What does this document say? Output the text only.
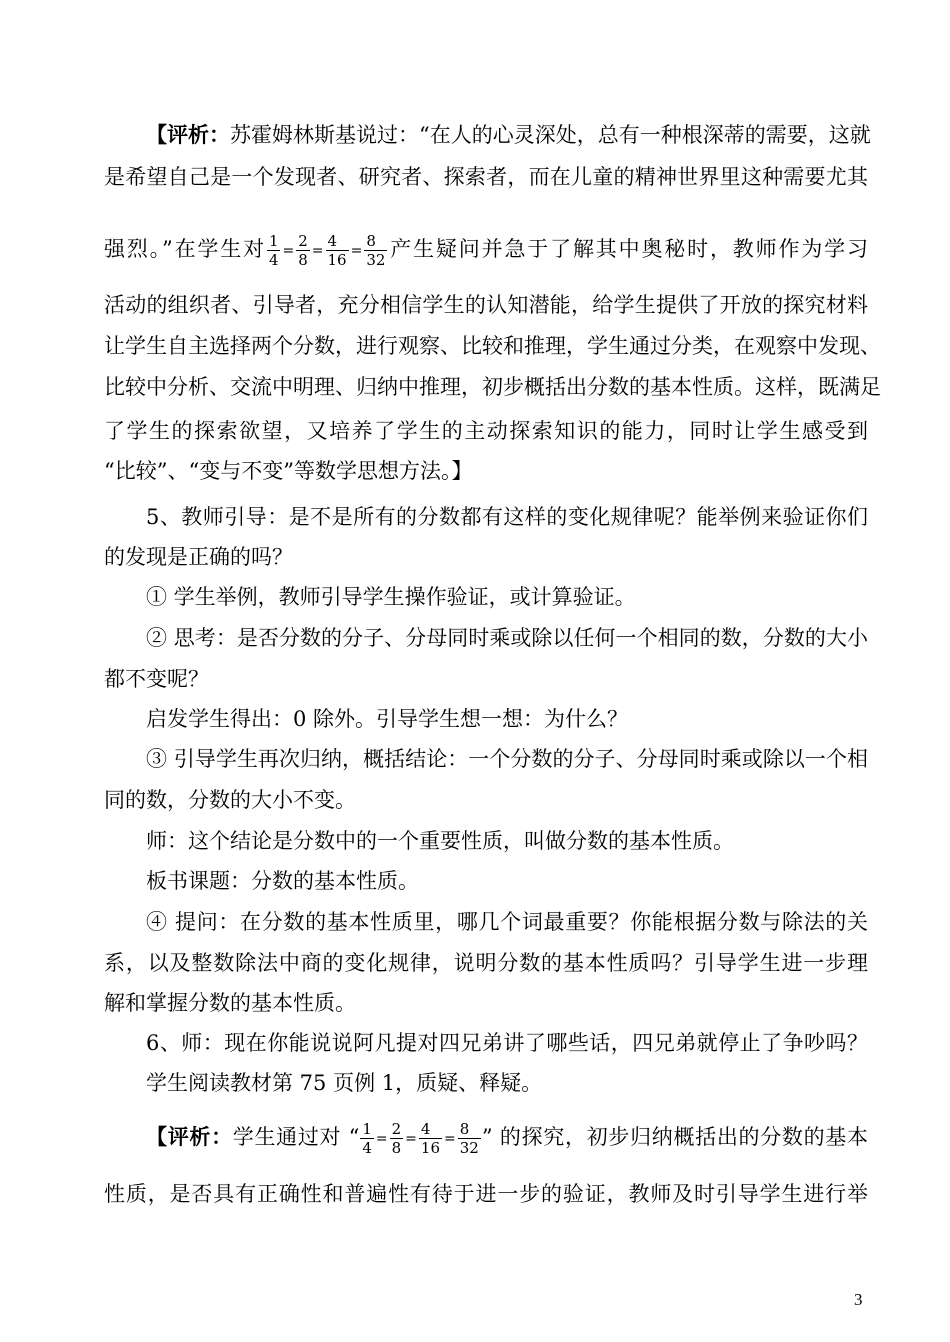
【评析：苏霍姆林斯基说过：“在人的心灵深处，总有一种根深蒂的需要，这就
是希望自己是一个发现者、研究者、探索者，而在儿童的精神世界里这种需要尤其
强烈。”在学生对 $\frac{1}{4} = \frac{2}{8} = \frac{4}{16} = \frac{8}{32}$ 产生疑问并急于了解其中奥秘时，教师作为学习
活动的组织者、引导者，充分相信学生的认知潜能，给学生提供了开放的探究材料
让学生自主选择两个分数，进行观察、比较和推理，学生通过分类，在观察中发现、
比较中分析、交流中明理、归纳中推理，初步概括出分数的基本性质。这样，既满足
了学生的探索欲望，又培养了学生的主动探索知识的能力，同时让学生感受到
“比较”、“变与不变”等数学思想方法。】
5、教师引导：是不是所有的分数都有这样的变化规律呢？能举例来验证你们
的发现是正确的吗？
① 学生举例，教师引导学生操作验证，或计算验证。
② 思考：是否分数的分子、分母同时乘或除以任何一个相同的数，分数的大小
都不变呢？
启发学生得出：0 除外。引导学生想一想：为什么？
③ 引导学生再次归纳，概括结论：一个分数的分子、分母同时乘或除以一个相
同的数，分数的大小不变。
师：这个结论是分数中的一个重要性质，叫做分数的基本性质。
板书课题：分数的基本性质。
④ 提问：在分数的基本性质里，哪几个词最重要？你能根据分数与除法的关
系，以及整数除法中商的变化规律，说明分数的基本性质吗？引导学生进一步理
解和掌握分数的基本性质。
6、师：现在你能说说阿凡提对四兄弟讲了哪些话，四兄弟就停止了争吵吗？
学生阅读教材第 75 页例 1，质疑、释疑。
【评析：学生通过对 “ $\frac{1}{4} = \frac{2}{8} = \frac{4}{16} = \frac{8}{32}$ ” 的探究，初步归纳概括出的分数的基本
性质，是否具有正确性和普遍性有待于进一步的验证，教师及时引导学生进行举
3
